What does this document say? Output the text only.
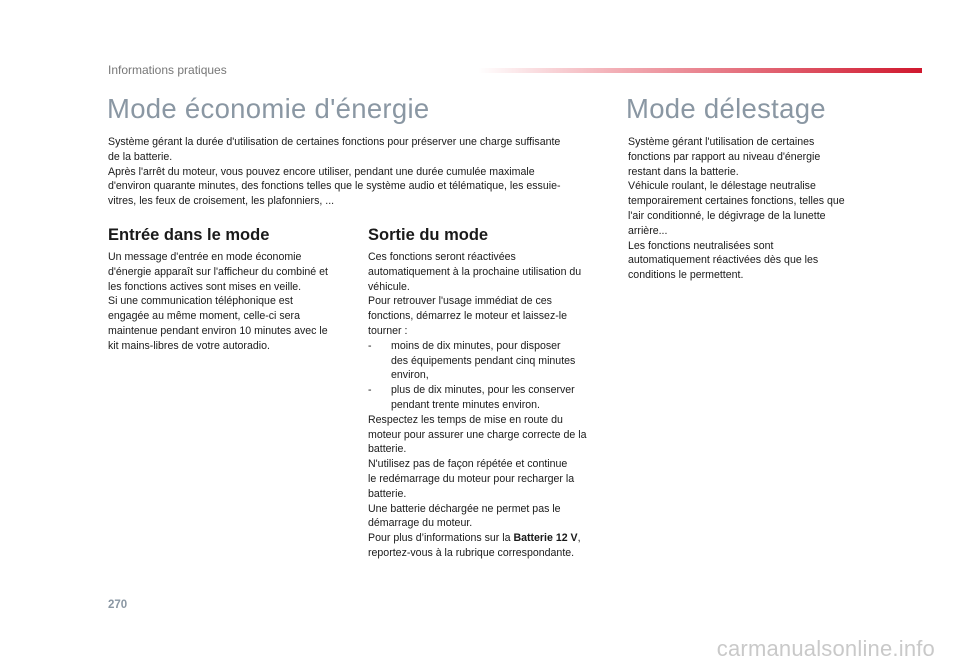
Informations pratiques
Mode économie d'énergie	Mode délestage
Système gérant la durée d'utilisation de certaines fonctions pour préserver une charge suffisante
de la batterie.
Après l'arrêt du moteur, vous pouvez encore utiliser, pendant une durée cumulée maximale
d'environ quarante minutes, des fonctions telles que le système audio et télématique, les essuie-
vitres, les feux de croisement, les plafonniers, ...
Système gérant l'utilisation de certaines
fonctions par rapport au niveau d'énergie
restant dans la batterie.
Véhicule roulant, le délestage neutralise
temporairement certaines fonctions, telles que
l'air conditionné, le dégivrage de la lunette
arrière...
Les fonctions neutralisées sont
automatiquement réactivées dès que les
conditions le permettent.
Entrée dans le mode	Sortie du mode
Un message d'entrée en mode économie
d'énergie apparaît sur l'afficheur du combiné et
les fonctions actives sont mises en veille.
Si une communication téléphonique est
engagée au même moment, celle-ci sera
maintenue pendant environ 10 minutes avec le
kit mains-libres de votre autoradio.
Ces fonctions seront réactivées
automatiquement à la prochaine utilisation du
véhicule.
Pour retrouver l'usage immédiat de ces
fonctions, démarrez le moteur et laissez-le
tourner :
- moins de dix minutes, pour disposer
des équipements pendant cinq minutes
environ,
- plus de dix minutes, pour les conserver
pendant trente minutes environ.
Respectez les temps de mise en route du
moteur pour assurer une charge correcte de la
batterie.
N'utilisez pas de façon répétée et continue
le redémarrage du moteur pour recharger la
batterie.
Une batterie déchargée ne permet pas le
démarrage du moteur.
Pour plus d’informations sur la Batterie 12 V,
reportez-vous à la rubrique correspondante.
270
carmanualsonline.info
